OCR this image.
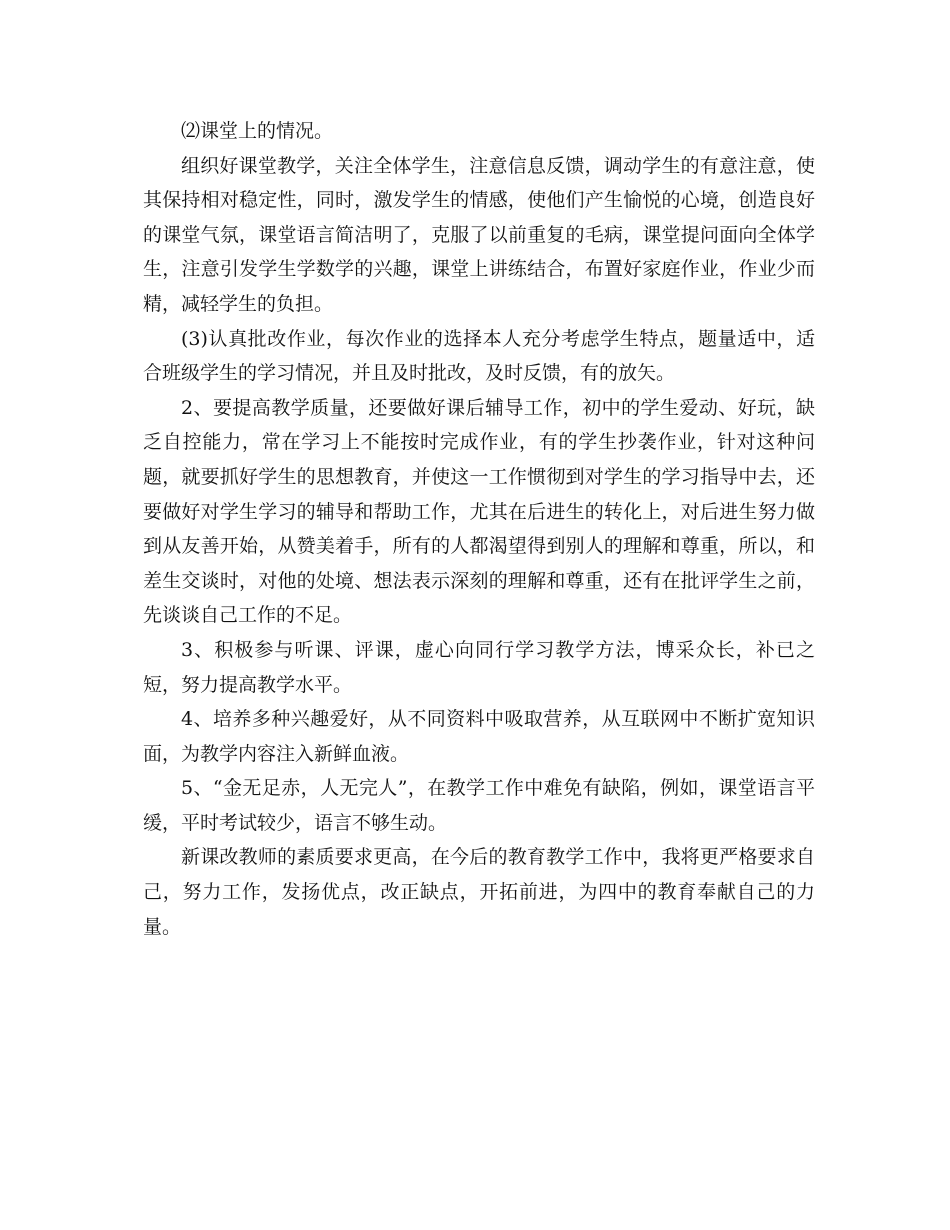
⑵课堂上的情况。

组织好课堂教学，关注全体学生，注意信息反馈，调动学生的有意注意，使其保持相对稳定性，同时，激发学生的情感，使他们产生愉悦的心境，创造良好的课堂气氛，课堂语言简洁明了，克服了以前重复的毛病，课堂提问面向全体学生，注意引发学生学数学的兴趣，课堂上讲练结合，布置好家庭作业，作业少而精，减轻学生的负担。

(3)认真批改作业，每次作业的选择本人充分考虑学生特点，题量适中，适合班级学生的学习情况，并且及时批改，及时反馈，有的放矢。

2、要提高教学质量，还要做好课后辅导工作，初中的学生爱动、好玩，缺乏自控能力，常在学习上不能按时完成作业，有的学生抄袭作业，针对这种问题，就要抓好学生的思想教育，并使这一工作惯彻到对学生的学习指导中去，还要做好对学生学习的辅导和帮助工作，尤其在后进生的转化上，对后进生努力做到从友善开始，从赞美着手，所有的人都渴望得到别人的理解和尊重，所以，和差生交谈时，对他的处境、想法表示深刻的理解和尊重，还有在批评学生之前，先谈谈自己工作的不足。

3、积极参与听课、评课，虚心向同行学习教学方法，博采众长，补已之短，努力提高教学水平。

4、培养多种兴趣爱好，从不同资料中吸取营养，从互联网中不断扩宽知识面，为教学内容注入新鲜血液。

5、“金无足赤，人无完人”，在教学工作中难免有缺陷，例如，课堂语言平缓，平时考试较少，语言不够生动。

新课改教师的素质要求更高，在今后的教育教学工作中，我将更严格要求自己，努力工作，发扬优点，改正缺点，开拓前进，为四中的教育奉献自己的力量。
